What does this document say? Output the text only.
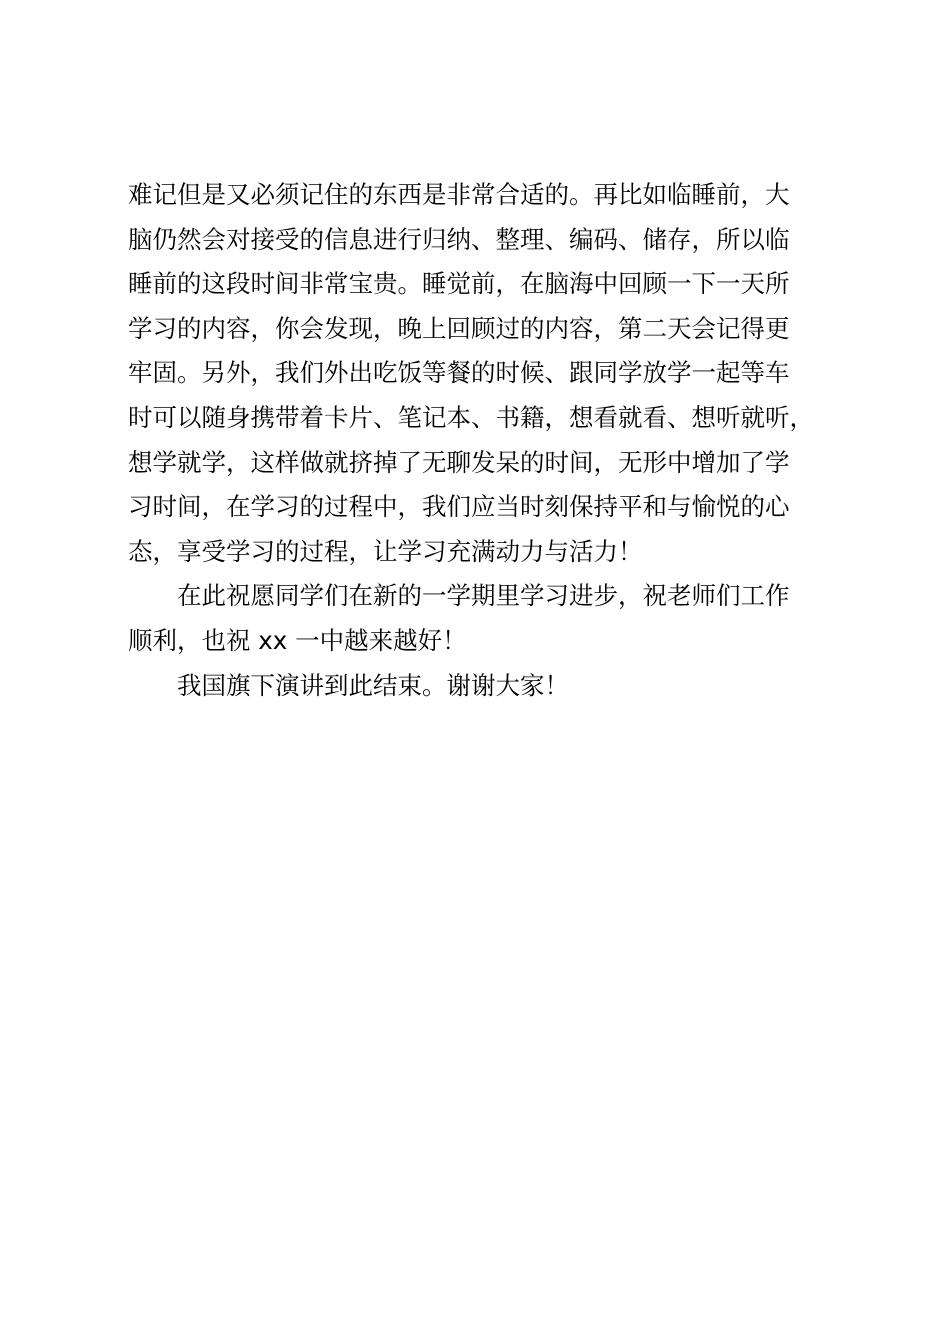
难记但是又必须记住的东西是非常合适的。再比如临睡前，大
脑仍然会对接受的信息进行归纳、整理、编码、储存，所以临
睡前的这段时间非常宝贵。睡觉前，在脑海中回顾一下一天所
学习的内容，你会发现，晚上回顾过的内容，第二天会记得更
牢固。另外，我们外出吃饭等餐的时候、跟同学放学一起等车
时可以随身携带着卡片、笔记本、书籍，想看就看、想听就听，
想学就学，这样做就挤掉了无聊发呆的时间，无形中增加了学
习时间，在学习的过程中，我们应当时刻保持平和与愉悦的心
态，享受学习的过程，让学习充满动力与活力！
在此祝愿同学们在新的一学期里学习进步，祝老师们工作
顺利，也祝 xx 一中越来越好！
我国旗下演讲到此结束。谢谢大家！
